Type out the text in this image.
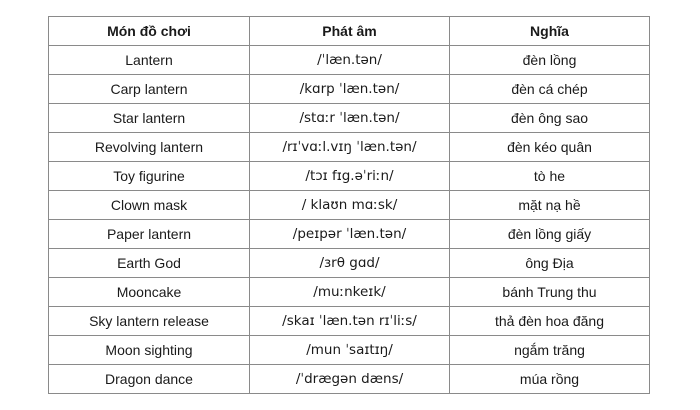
Món đồ chơi	Phát âm	Nghĩa
Lantern	/ˈlæn.tən/	đèn lồng
Carp lantern	/kɑrp ˈlæn.tən/	đèn cá chép
Star lantern	/stɑːr ˈlæn.tən/	đèn ông sao
Revolving lantern	/rɪˈvɑːl.vɪŋ ˈlæn.tən/	đèn kéo quân
Toy figurine	/tɔɪ fɪg.əˈriːn/	tò he
Clown mask	/ klaʊn mɑːsk/	mặt nạ hề
Paper lantern	/peɪpər ˈlæn.tən/	đèn lồng giấy
Earth God	/ɜrθ gɑd/	ông Địa
Mooncake	/muːnkeɪk/	bánh Trung thu
Sky lantern release	/skaɪ ˈlæn.tən rɪˈliːs/	thả đèn hoa đăng
Moon sighting	/mun ˈsaɪtɪŋ/	ngắm trăng
Dragon dance	/ˈdrægən dæns/	múa rồng
